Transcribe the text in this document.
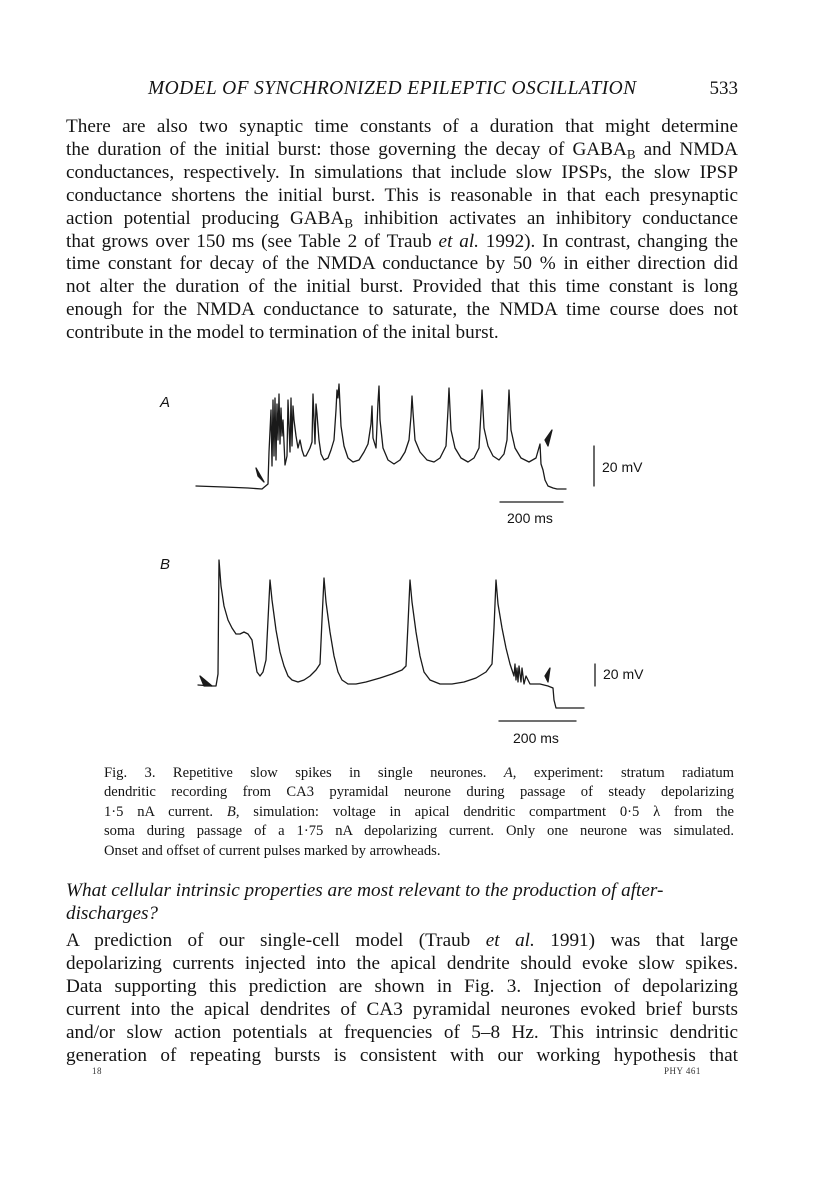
MODEL OF SYNCHRONIZED EPILEPTIC OSCILLATION	533
There are also two synaptic time constants of a duration that might determine
the duration of the initial burst: those governing the decay of $GABA_B$ and NMDA
conductances, respectively. In simulations that include slow IPSPs, the slow IPSP
conductance shortens the initial burst. This is reasonable in that each presynaptic
action potential producing $GABA_B$ inhibition activates an inhibitory conductance
that grows over 150 ms (see Table 2 of Traub et al. 1992). In contrast, changing the
time constant for decay of the NMDA conductance by 50 % in either direction did
not alter the duration of the initial burst. Provided that this time constant is long
enough for the NMDA conductance to saturate, the NMDA time course does not
contribute in the model to termination of the inital burst.
A
B
20 mV
200 ms
20 mV
200 ms
Fig. 3. Repetitive slow spikes in single neurones. A, experiment: stratum radiatum
dendritic recording from CA3 pyramidal neurone during passage of steady depolarizing
1·5 nA current. B, simulation: voltage in apical dendritic compartment 0·5 λ from the
soma during passage of a 1·75 nA depolarizing current. Only one neurone was simulated.
Onset and offset of current pulses marked by arrowheads.
What cellular intrinsic properties are most relevant to the production of after-
discharges?
A prediction of our single-cell model (Traub et al. 1991) was that large
depolarizing currents injected into the apical dendrite should evoke slow spikes.
Data supporting this prediction are shown in Fig. 3. Injection of depolarizing
current into the apical dendrites of CA3 pyramidal neurones evoked brief bursts
and/or slow action potentials at frequencies of 5–8 Hz. This intrinsic dendritic
generation of repeating bursts is consistent with our working hypothesis that
18	PHY 461
